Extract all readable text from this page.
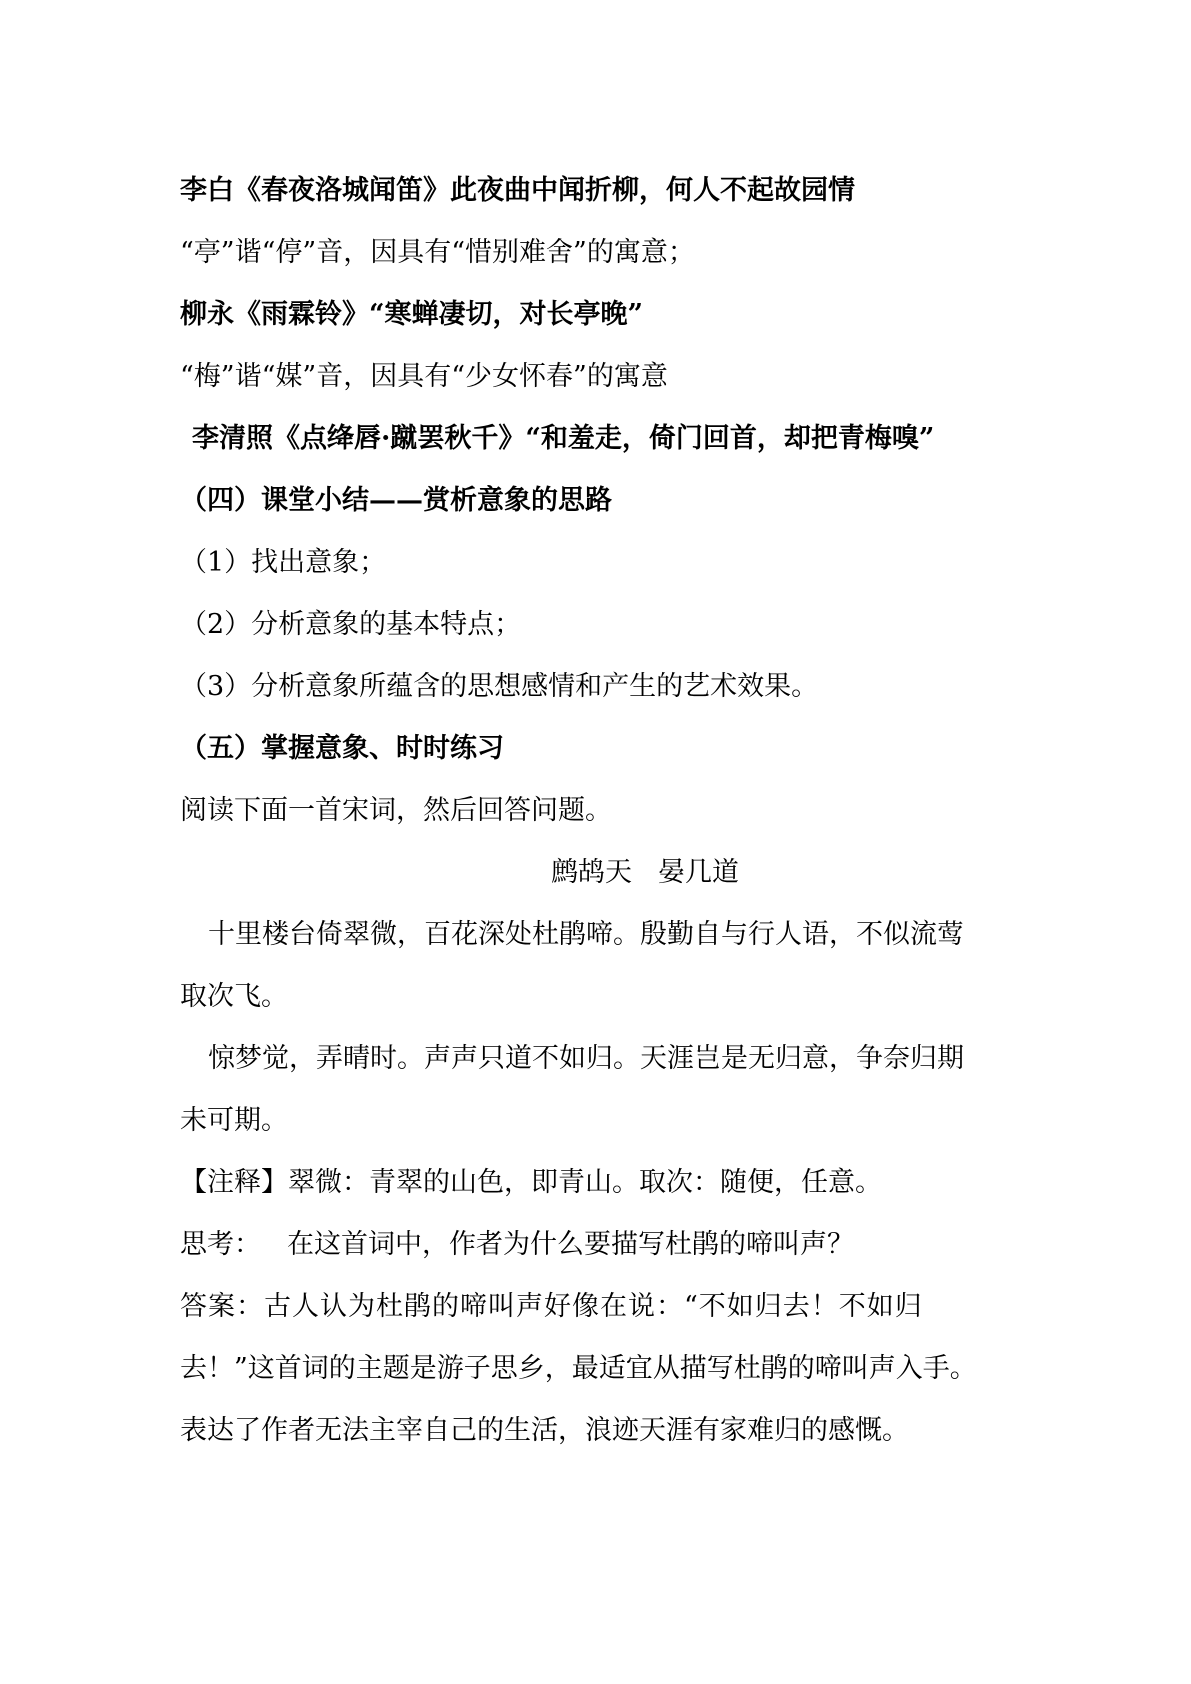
李白《春夜洛城闻笛》此夜曲中闻折柳，何人不起故园情

“亭”谐“停”音，因具有“惜别难舍”的寓意；

柳永《雨霖铃》“寒蝉凄切，对长亭晚”

“梅”谐“媒”音，因具有“少女怀春”的寓意

李清照《点绛唇·蹴罢秋千》“和羞走，倚门回首，却把青梅嗅”

（四）课堂小结——赏析意象的思路

（1）找出意象；

（2）分析意象的基本特点；

（3）分析意象所蕴含的思想感情和产生的艺术效果。

（五）掌握意象、时时练习

阅读下面一首宋词，然后回答问题。

鹧鸪天 晏几道

十里楼台倚翠微，百花深处杜鹃啼。殷勤自与行人语，不似流莺

取次飞。

惊梦觉，弄晴时。声声只道不如归。天涯岂是无归意，争奈归期

未可期。

【注释】翠微：青翠的山色，即青山。取次：随便，任意。

思考： 在这首词中，作者为什么要描写杜鹃的啼叫声？

答案：古人认为杜鹃的啼叫声好像在说：“不如归去！不如归

去！”这首词的主题是游子思乡，最适宜从描写杜鹃的啼叫声入手。

表达了作者无法主宰自己的生活，浪迹天涯有家难归的感慨。
